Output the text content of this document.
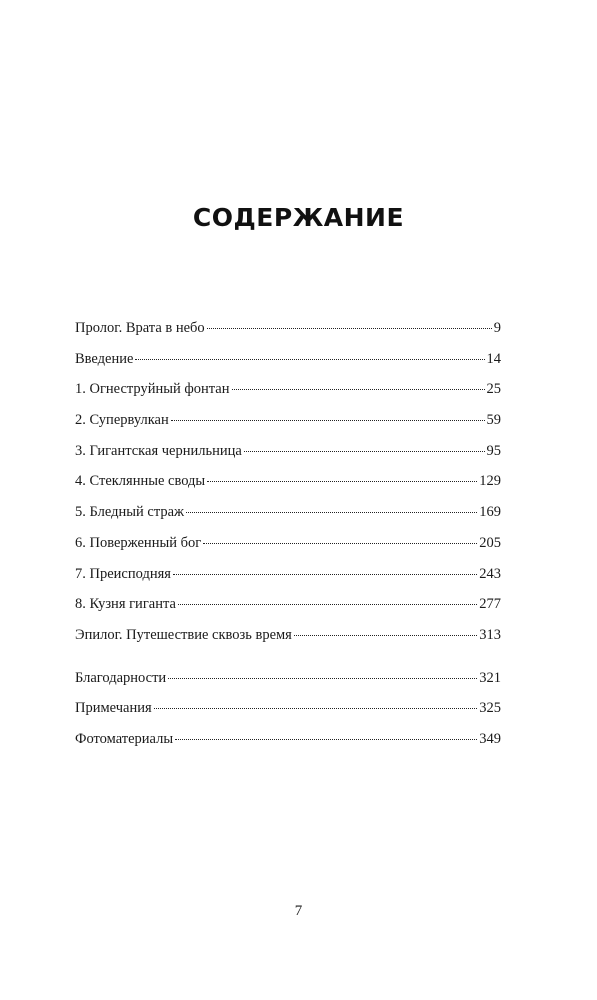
СОДЕРЖАНИЕ
Пролог. Врата в небо	9
Введение	14
1. Огнеструйный фонтан	25
2. Супервулкан	59
3. Гигантская чернильница	95
4. Стеклянные своды	129
5. Бледный страж	169
6. Поверженный бог	205
7. Преисподняя	243
8. Кузня гиганта	277
Эпилог. Путешествие сквозь время	313
Благодарности	321
Примечания	325
Фотоматериалы	349
7
